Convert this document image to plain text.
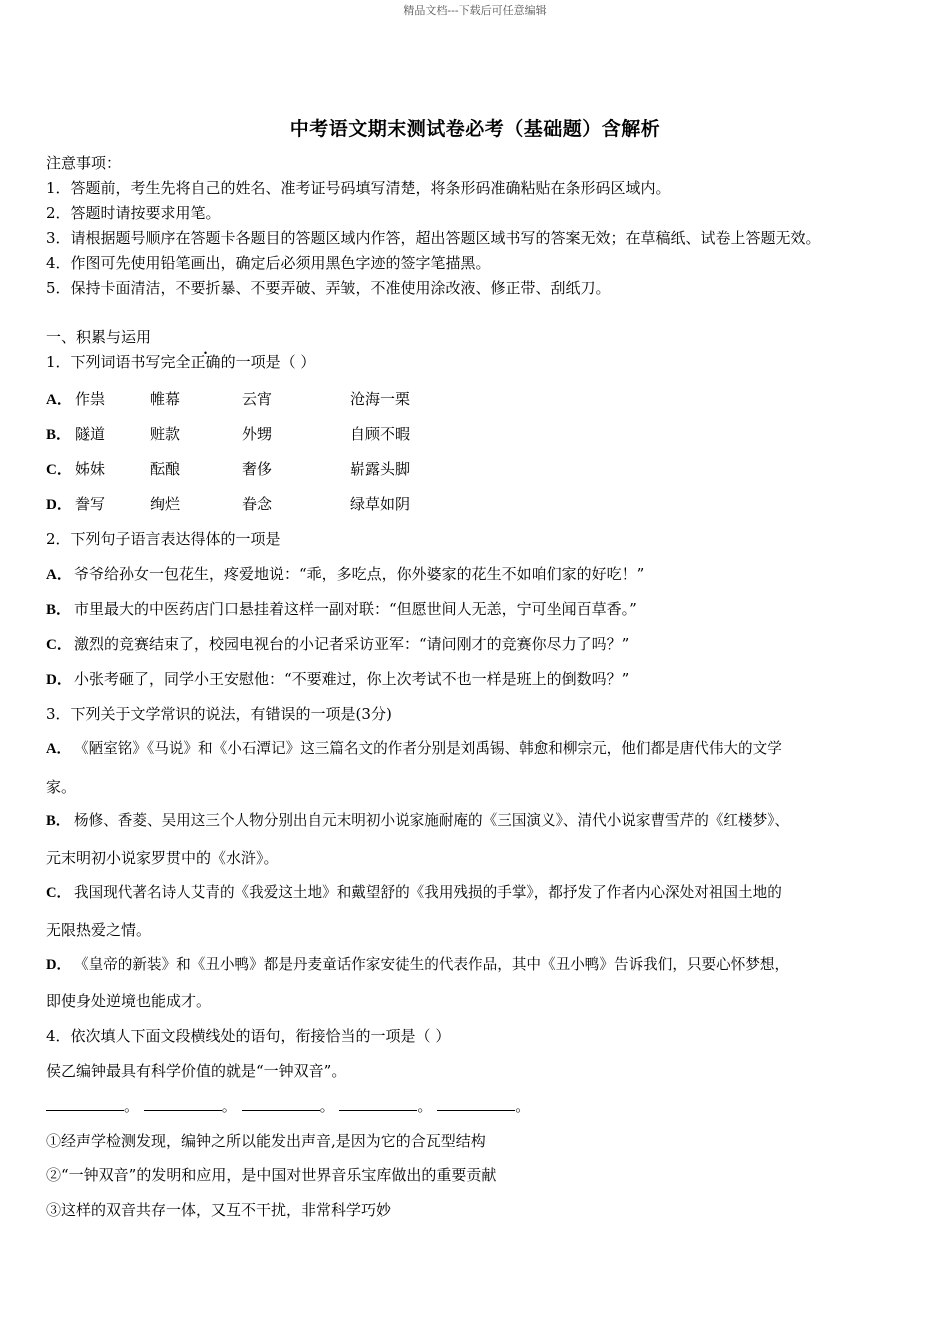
精品文档---下载后可任意编辑
中考语文期末测试卷必考（基础题）含解析
注意事项：
1．答题前，考生先将自己的姓名、准考证号码填写清楚，将条形码准确粘贴在条形码区域内。
2．答题时请按要求用笔。
3．请根据题号顺序在答题卡各题目的答题区域内作答，超出答题区域书写的答案无效；在草稿纸、试卷上答题无效。
4．作图可先使用铅笔画出，确定后必须用黑色字迹的签字笔描黑。
5．保持卡面清洁，不要折暴、不要弄破、弄皱，不准使用涂改液、修正带、刮纸刀。
一、积累与运用
1．下列词语书写完全正确的一项是（ ）
A． 作祟	帷幕	云宵	沧海一栗
B． 隧道	赃款	外甥	自顾不暇
C． 姊妹	酝酿	奢侈	崭露头脚
D． 誊写	绚烂	眷念	绿草如阴
2．下列句子语言表达得体的一项是
A． 爷爷给孙女一包花生，疼爱地说：“乖，多吃点，你外婆家的花生不如咱们家的好吃！”
B． 市里最大的中医药店门口悬挂着这样一副对联：“但愿世间人无恙，宁可坐闻百草香。”
C． 激烈的竞赛结束了，校园电视台的小记者采访亚军：“请问刚才的竞赛你尽力了吗？”
D． 小张考砸了，同学小王安慰他：“不要难过，你上次考试不也一样是班上的倒数吗？”
3．下列关于文学常识的说法，有错误的一项是(3分)
A． 《陋室铭》《马说》和《小石潭记》这三篇名文的作者分别是刘禹锡、韩愈和柳宗元，他们都是唐代伟大的文学
家。
B． 杨修、香菱、吴用这三个人物分别出自元末明初小说家施耐庵的《三国演义》、清代小说家曹雪芹的《红楼梦》、
元末明初小说家罗贯中的《水浒》。
C． 我国现代著名诗人艾青的《我爱这土地》和戴望舒的《我用残损的手掌》，都抒发了作者内心深处对祖国土地的
无限热爱之情。
D． 《皇帝的新装》和《丑小鸭》都是丹麦童话作家安徒生的代表作品，其中《丑小鸭》告诉我们，只要心怀梦想，
即使身处逆境也能成才。
4．依次填人下面文段横线处的语句，衔接恰当的一项是（ ）
侯乙编钟最具有科学价值的就是“一钟双音”。
。	。	。	。	。
①经声学检测发现，编钟之所以能发出声音,是因为它的合瓦型结构
②“一钟双音”的发明和应用，是中国对世界音乐宝库做出的重要贡献
③这样的双音共存一体，又互不干扰，非常科学巧妙
